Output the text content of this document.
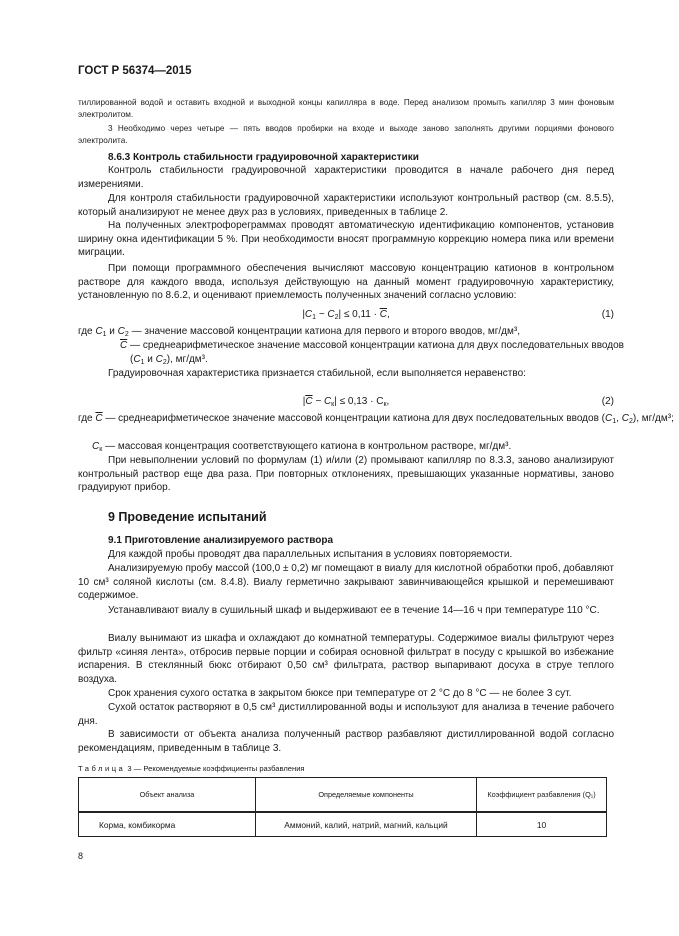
ГОСТ Р 56374—2015
тиллированной водой и оставить входной и выходной концы капилляра в воде. Перед анализом промыть капилляр 3 мин фоновым электролитом.
3 Необходимо через четыре — пять вводов пробирки на входе и выходе заново заполнять другими порциями фонового электролита.
8.6.3 Контроль стабильности градуировочной характеристики
Контроль стабильности градуировочной характеристики проводится в начале рабочего дня перед измерениями.
Для контроля стабильности градуировочной характеристики используют контрольный раствор (см. 8.5.5), который анализируют не менее двух раз в условиях, приведенных в таблице 2.
На полученных электрофореграммах проводят автоматическую идентификацию компонентов, установив ширину окна идентификации 5 %. При необходимости вносят программную коррекцию номера пика или времени миграции.
При помощи программного обеспечения вычисляют массовую концентрацию катионов в контрольном растворе для каждого ввода, используя действующую на данный момент градуировочную характеристику, установленную по 8.6.2, и оценивают приемлемость полученных значений согласно условию:
$|C_1 - C_2| \le 0,11 \cdot \overline{C}$,	(1)
где $C_1$ и $C_2$ — значение массовой концентрации катиона для первого и второго вводов, мг/дм³,
$\overline{C}$ — среднеарифметическое значение массовой концентрации катиона для двух последовательных вводов ($C_1$ и $C_2$), мг/дм³.
Градуировочная характеристика признается стабильной, если выполняется неравенство:
$|\overline{C} - C_к| \le 0,13 \cdot C_к$,	(2)
где $\overline{C}$ — среднеарифметическое значение массовой концентрации катиона для двух последовательных вводов ($C_1$, $C_2$), мг/дм³;
$C_к$ — массовая концентрация соответствующего катиона в контрольном растворе, мг/дм³.
При невыполнении условий по формулам (1) и/или (2) промывают капилляр по 8.3.3, заново анализируют контрольный раствор еще два раза. При повторных отклонениях, превышающих указанные нормативы, заново градуируют прибор.
9 Проведение испытаний
9.1 Приготовление анализируемого раствора
Для каждой пробы проводят два параллельных испытания в условиях повторяемости.
Анализируемую пробу массой (100,0 ± 0,2) мг помещают в виалу для кислотной обработки проб, добавляют 10 см³ соляной кислоты (см. 8.4.8). Виалу герметично закрывают завинчивающейся крышкой и перемешивают содержимое.
Устанавливают виалу в сушильный шкаф и выдерживают ее в течение 14—16 ч при температуре 110 °С.
Виалу вынимают из шкафа и охлаждают до комнатной температуры. Содержимое виалы фильтруют через фильтр «синяя лента», отбросив первые порции и собирая основной фильтрат в посуду с крышкой во избежание испарения. В стеклянный бюкс отбирают 0,50 см³ фильтрата, раствор выпаривают досуха в струе теплого воздуха.
Срок хранения сухого остатка в закрытом бюксе при температуре от 2 °С до 8 °С — не более 3 сут.
Сухой остаток растворяют в 0,5 см³ дистиллированной воды и используют для анализа в течение рабочего дня.
В зависимости от объекта анализа полученный раствор разбавляют дистиллированной водой согласно рекомендациям, приведенным в таблице 3.
Таблица 3 — Рекомендуемые коэффициенты разбавления
Объект анализа	Определяемые компоненты	Коэффициент разбавления (Q₁)
Корма, комбикорма	Аммоний, калий, натрий, магний, кальций	10
8
